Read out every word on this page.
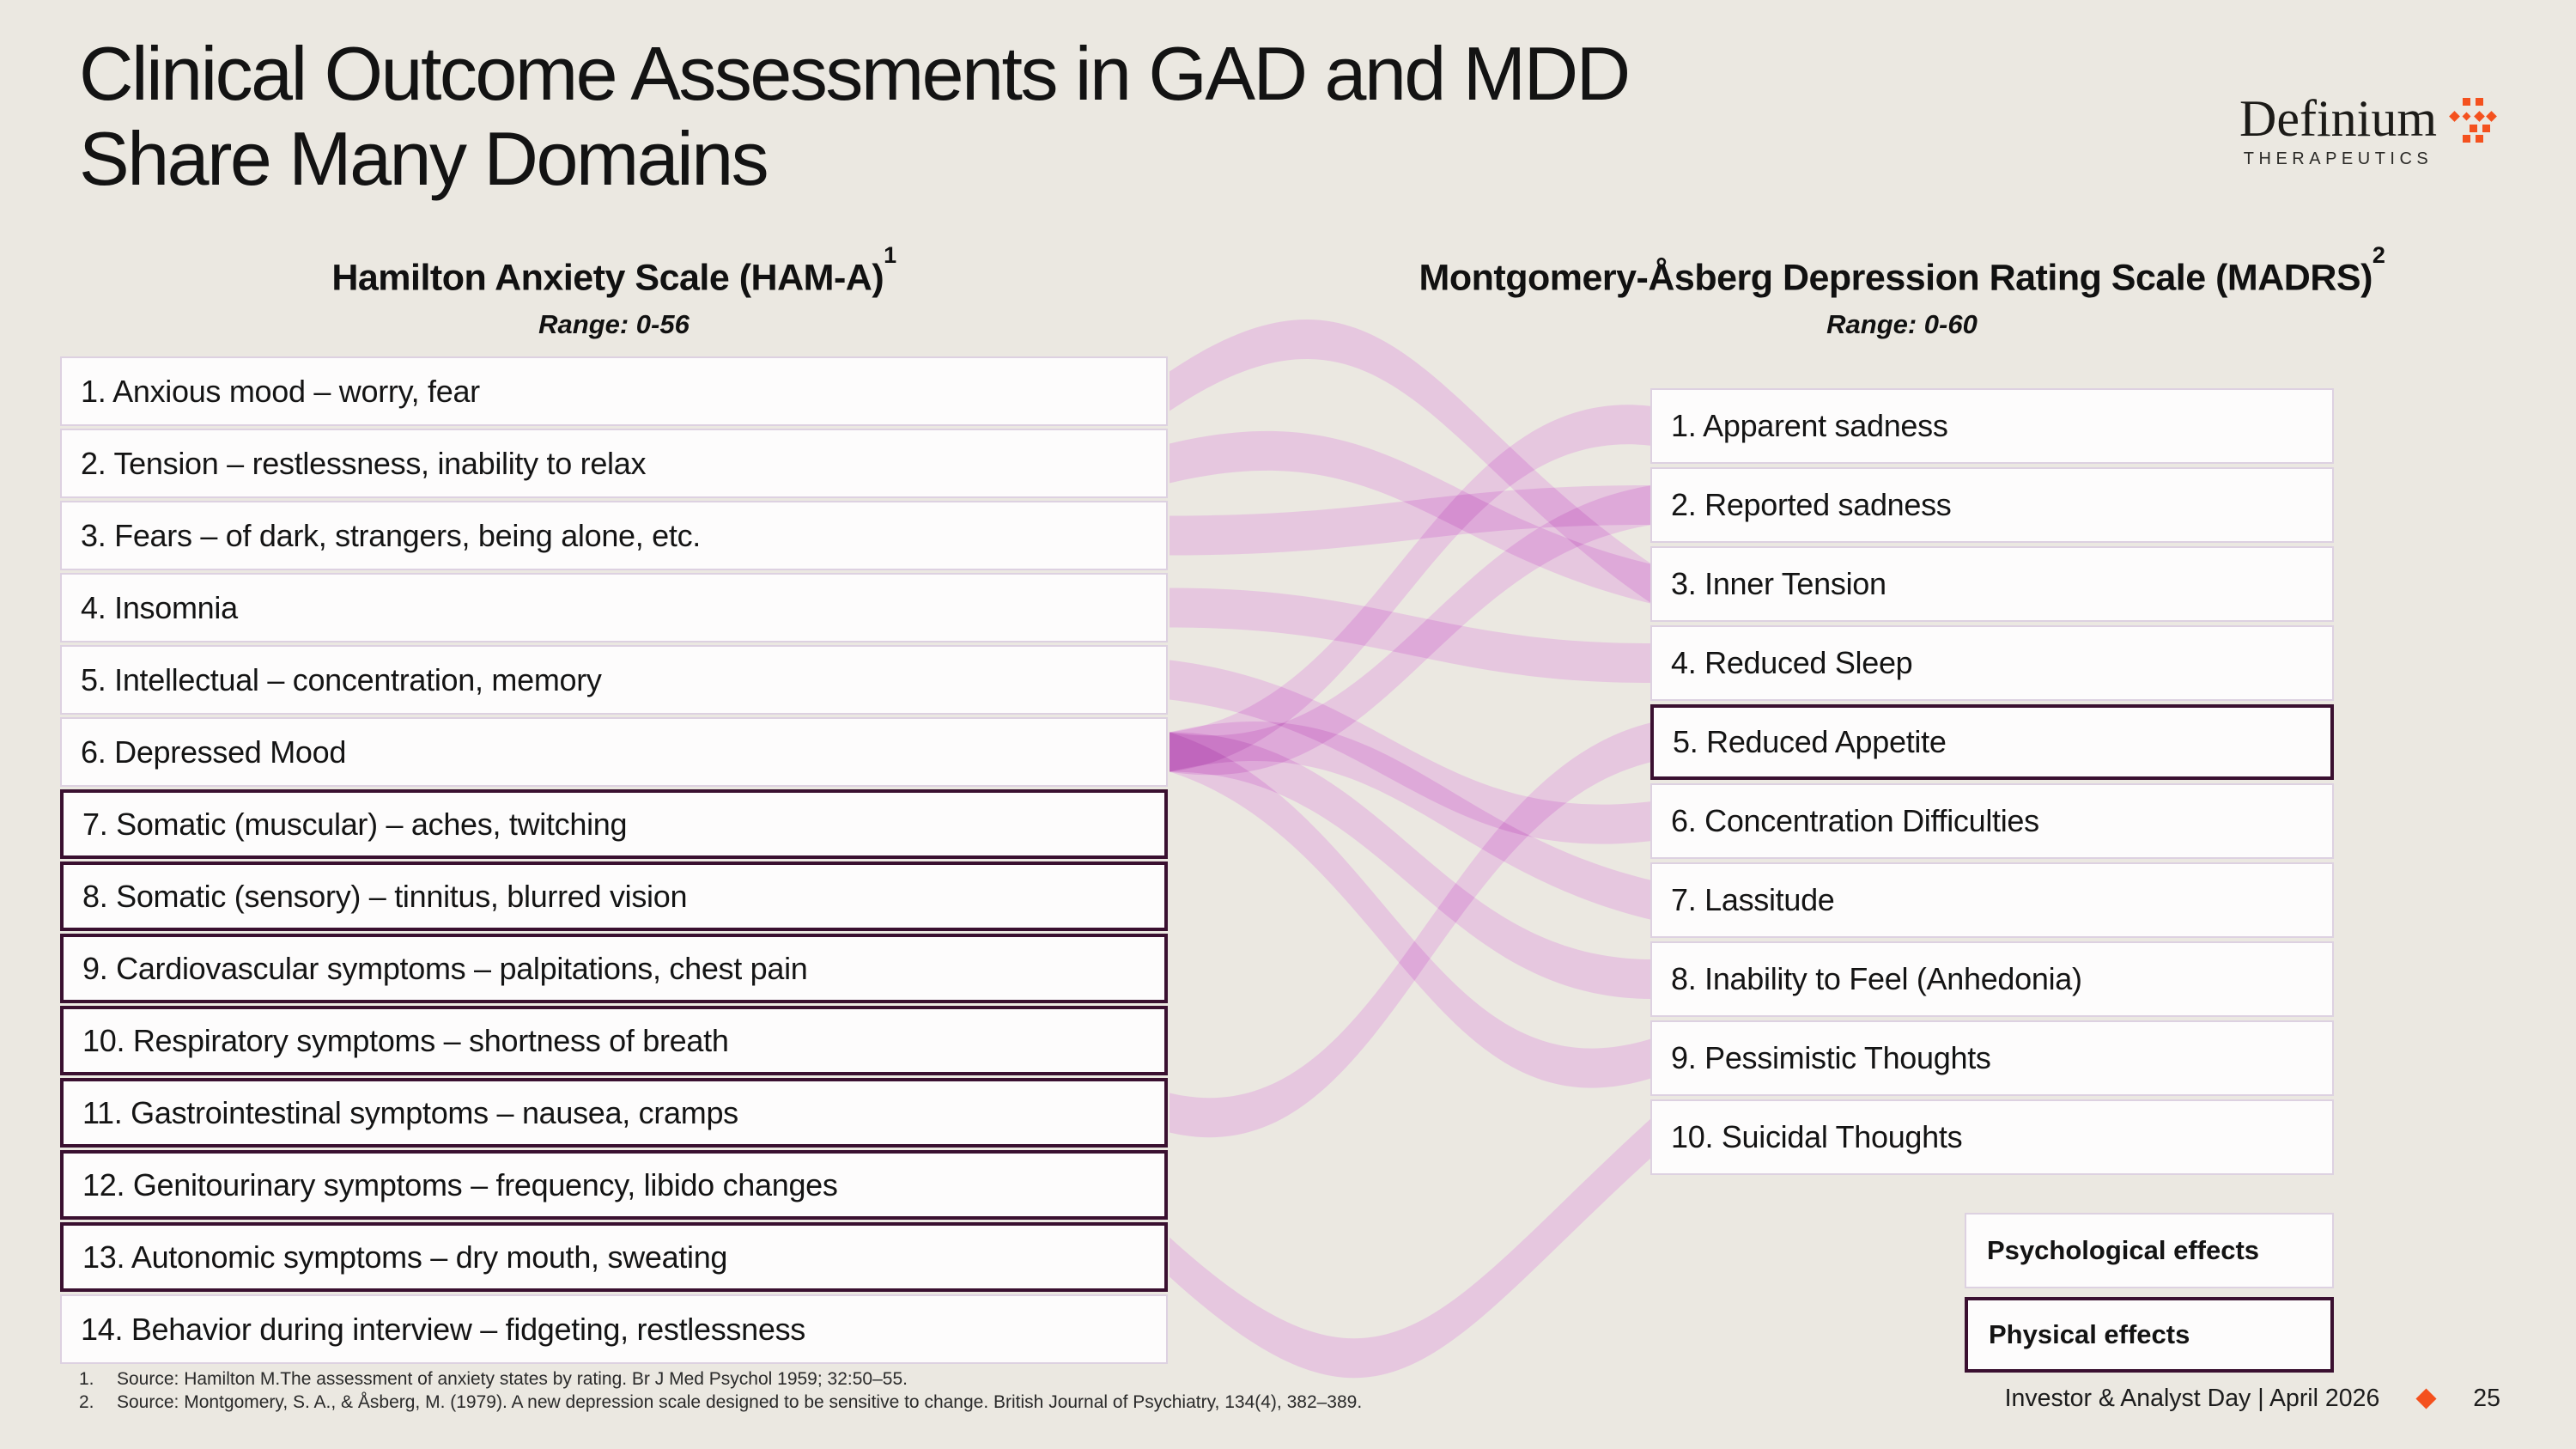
Clinical Outcome Assessments in GAD and MDD
Share Many Domains	Definium
THERAPEUTICS
Hamilton Anxiety Scale $(HAM-A)^1$
Range: 0-56
Montgomery-Åsberg Depression Rating Scale (MADRS)$^2$
Range: 0-60
1. Anxious mood – worry, fear
2. Tension – restlessness, inability to relax
3. Fears – of dark, strangers, being alone, etc.
4. Insomnia
5. Intellectual – concentration, memory
6. Depressed Mood
7. Somatic (muscular) – aches, twitching
8. Somatic (sensory) – tinnitus, blurred vision
9. Cardiovascular symptoms – palpitations, chest pain
10. Respiratory symptoms – shortness of breath
11. Gastrointestinal symptoms – nausea, cramps
12. Genitourinary symptoms – frequency, libido changes
13. Autonomic symptoms – dry mouth, sweating
14. Behavior during interview – fidgeting, restlessness
1. Apparent sadness
2. Reported sadness
3. Inner Tension
4. Reduced Sleep
5. Reduced Appetite
6. Concentration Difficulties
7. Lassitude
8. Inability to Feel (Anhedonia)
9. Pessimistic Thoughts
10. Suicidal Thoughts
Psychological effects
Physical effects
1.	Source: Hamilton M.The assessment of anxiety states by rating. Br J Med Psychol 1959; 32:50–55.
2.	Source: Montgomery, S. A., & Åsberg, M. (1979). A new depression scale designed to be sensitive to change. British Journal of Psychiatry, 134(4), 382–389.	Investor & Analyst Day | April 2026	25
